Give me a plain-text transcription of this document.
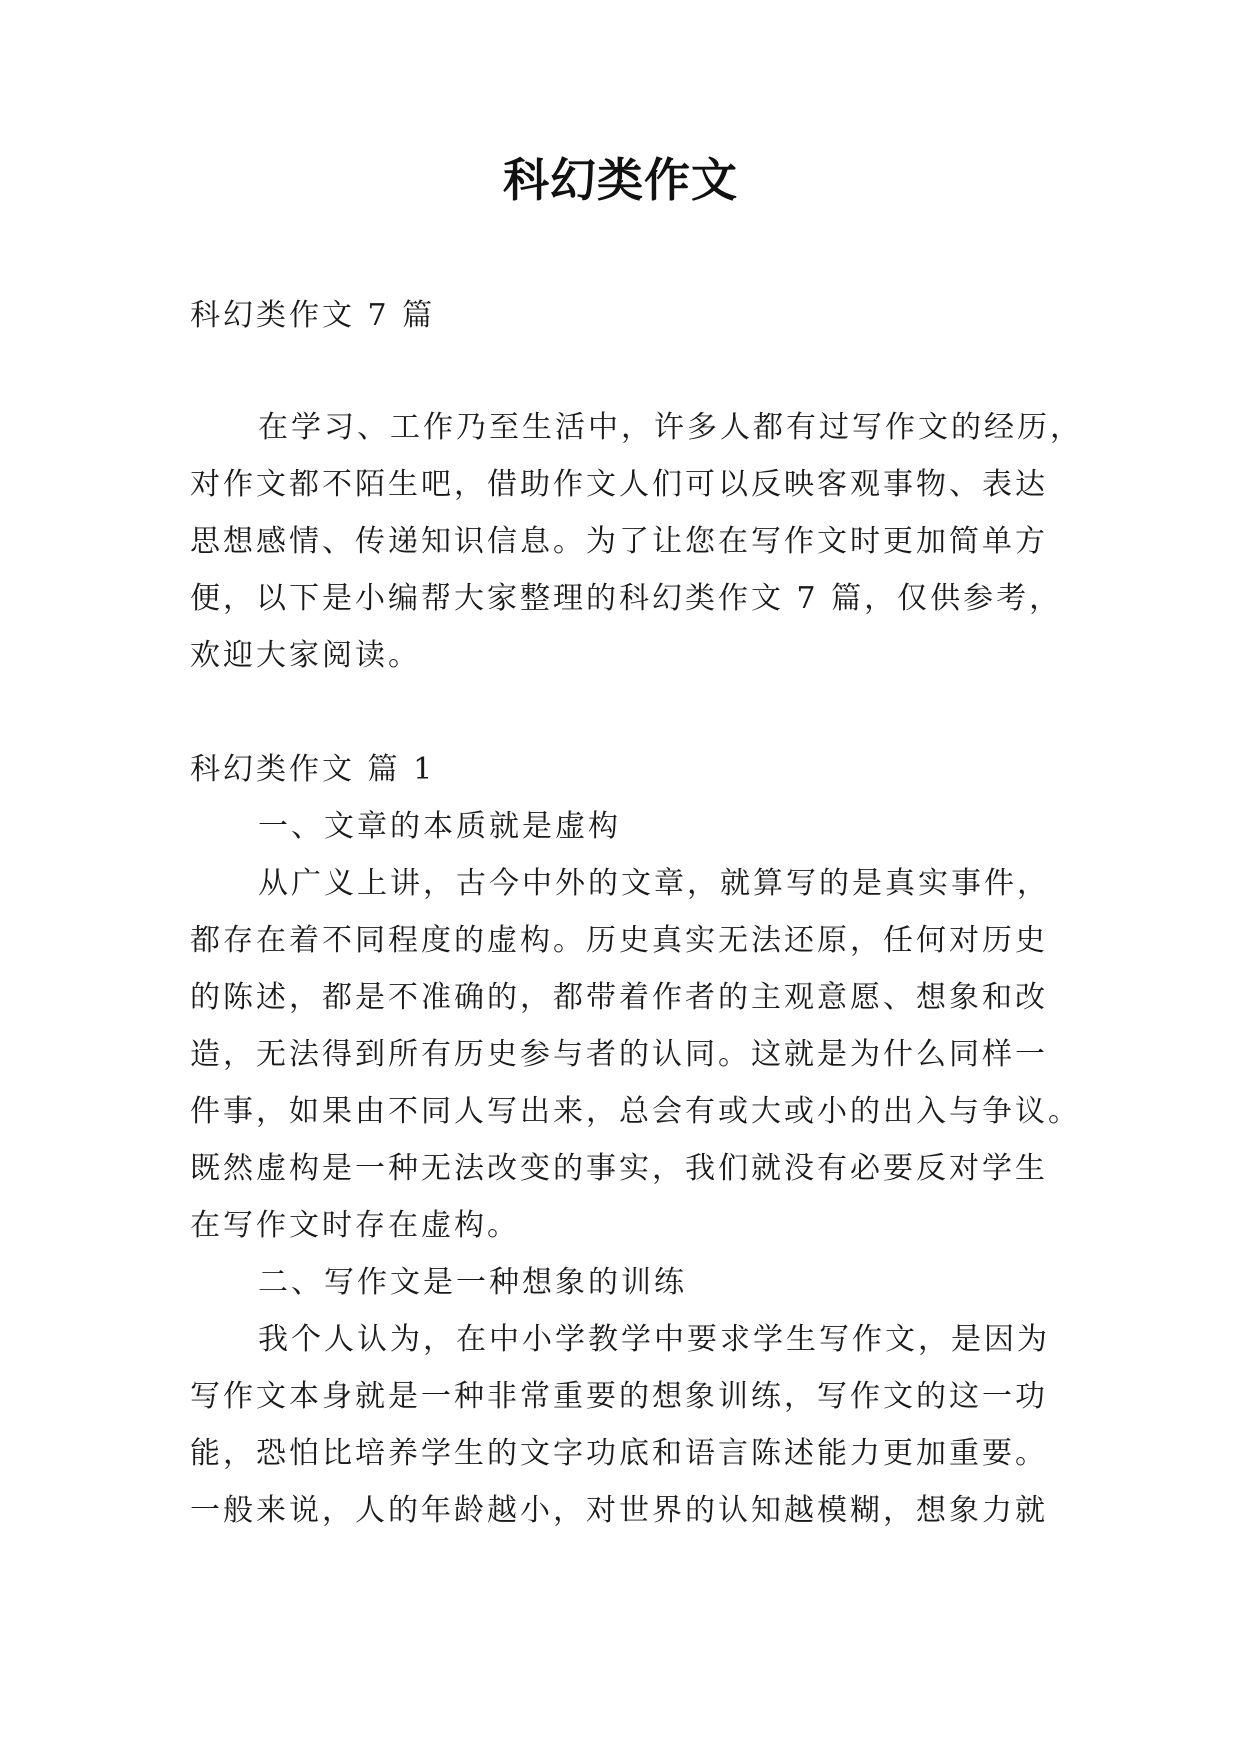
科幻类作文

科幻类作文 7 篇

在学习、工作乃至生活中，许多人都有过写作文的经历，

对作文都不陌生吧，借助作文人们可以反映客观事物、表达

思想感情、传递知识信息。为了让您在写作文时更加简单方

便，以下是小编帮大家整理的科幻类作文 7 篇，仅供参考，

欢迎大家阅读。

科幻类作文 篇 1

一、文章的本质就是虚构

从广义上讲，古今中外的文章，就算写的是真实事件，

都存在着不同程度的虚构。历史真实无法还原，任何对历史

的陈述，都是不准确的，都带着作者的主观意愿、想象和改

造，无法得到所有历史参与者的认同。这就是为什么同样一

件事，如果由不同人写出来，总会有或大或小的出入与争议。

既然虚构是一种无法改变的事实，我们就没有必要反对学生

在写作文时存在虚构。

二、写作文是一种想象的训练

我个人认为，在中小学教学中要求学生写作文，是因为

写作文本身就是一种非常重要的想象训练，写作文的这一功

能，恐怕比培养学生的文字功底和语言陈述能力更加重要。

一般来说，人的年龄越小，对世界的认知越模糊，想象力就
